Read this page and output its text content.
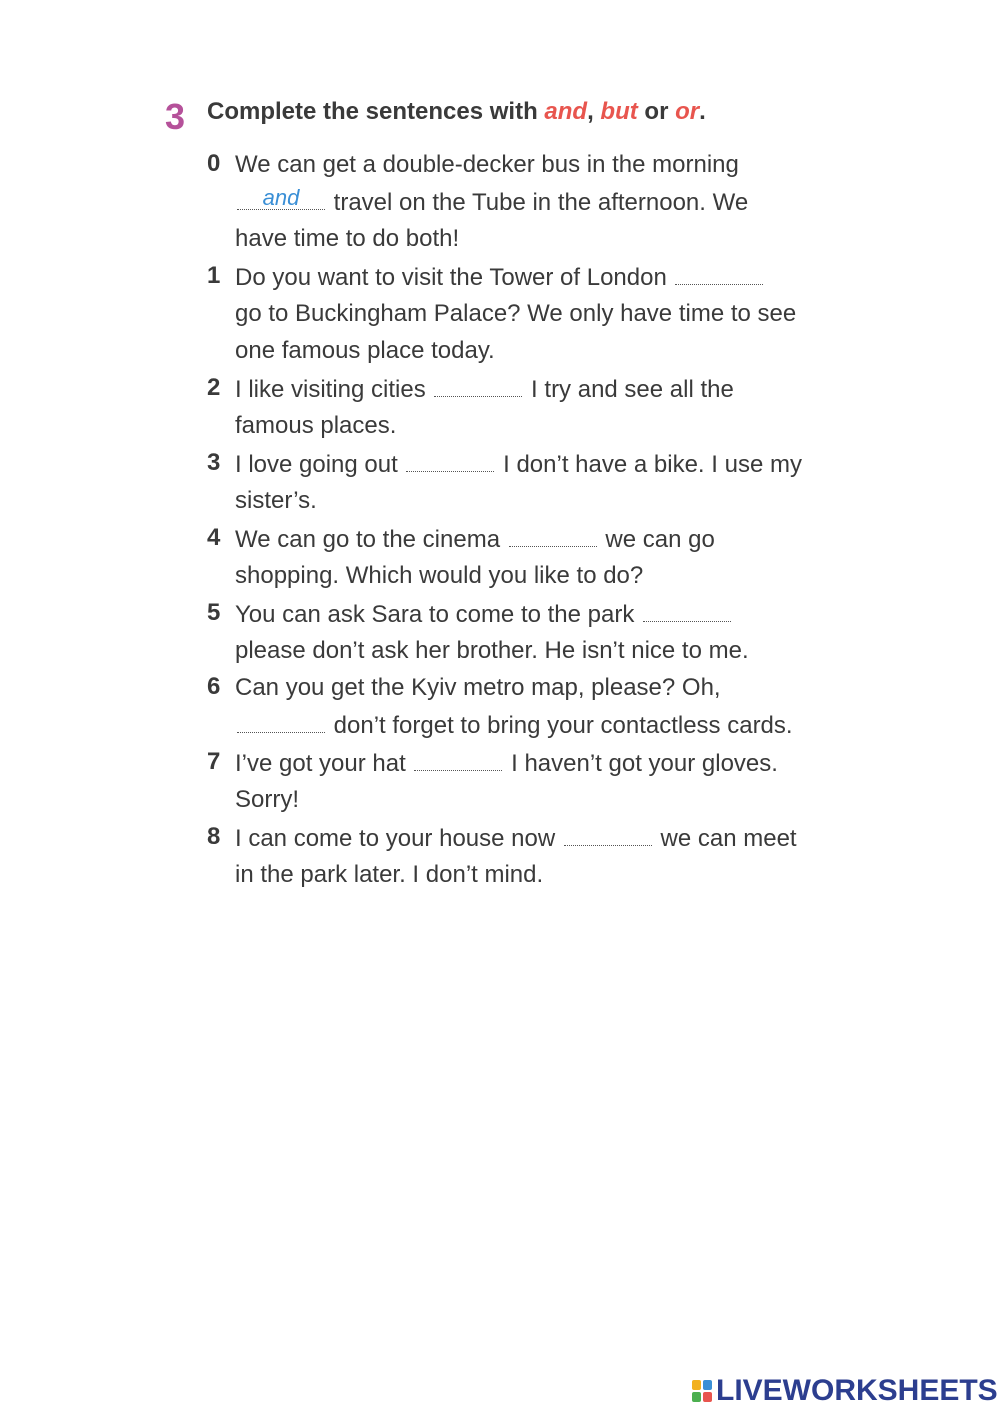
3 Complete the sentences with and, but or or.
0 We can get a double-decker bus in the morning
and	travel on the Tube in the afternoon. We
have time to do both!
1 Do you want to visit the Tower of London
go to Buckingham Palace? We only have time to see
one famous place today.
2 I like visiting cities	I try and see all the
famous places.
3 I love going out	I don’t have a bike. I use my
sister’s.
4 We can go to the cinema	we can go
shopping. Which would you like to do?
5 You can ask Sara to come to the park
please don’t ask her brother. He isn’t nice to me.
6 Can you get the Kyiv metro map, please? Oh,
don’t forget to bring your contactless cards.
7 I’ve got your hat	I haven’t got your gloves.
Sorry!
8 I can come to your house now	we can meet
in the park later. I don’t mind.
LIVEWORKSHEETS
